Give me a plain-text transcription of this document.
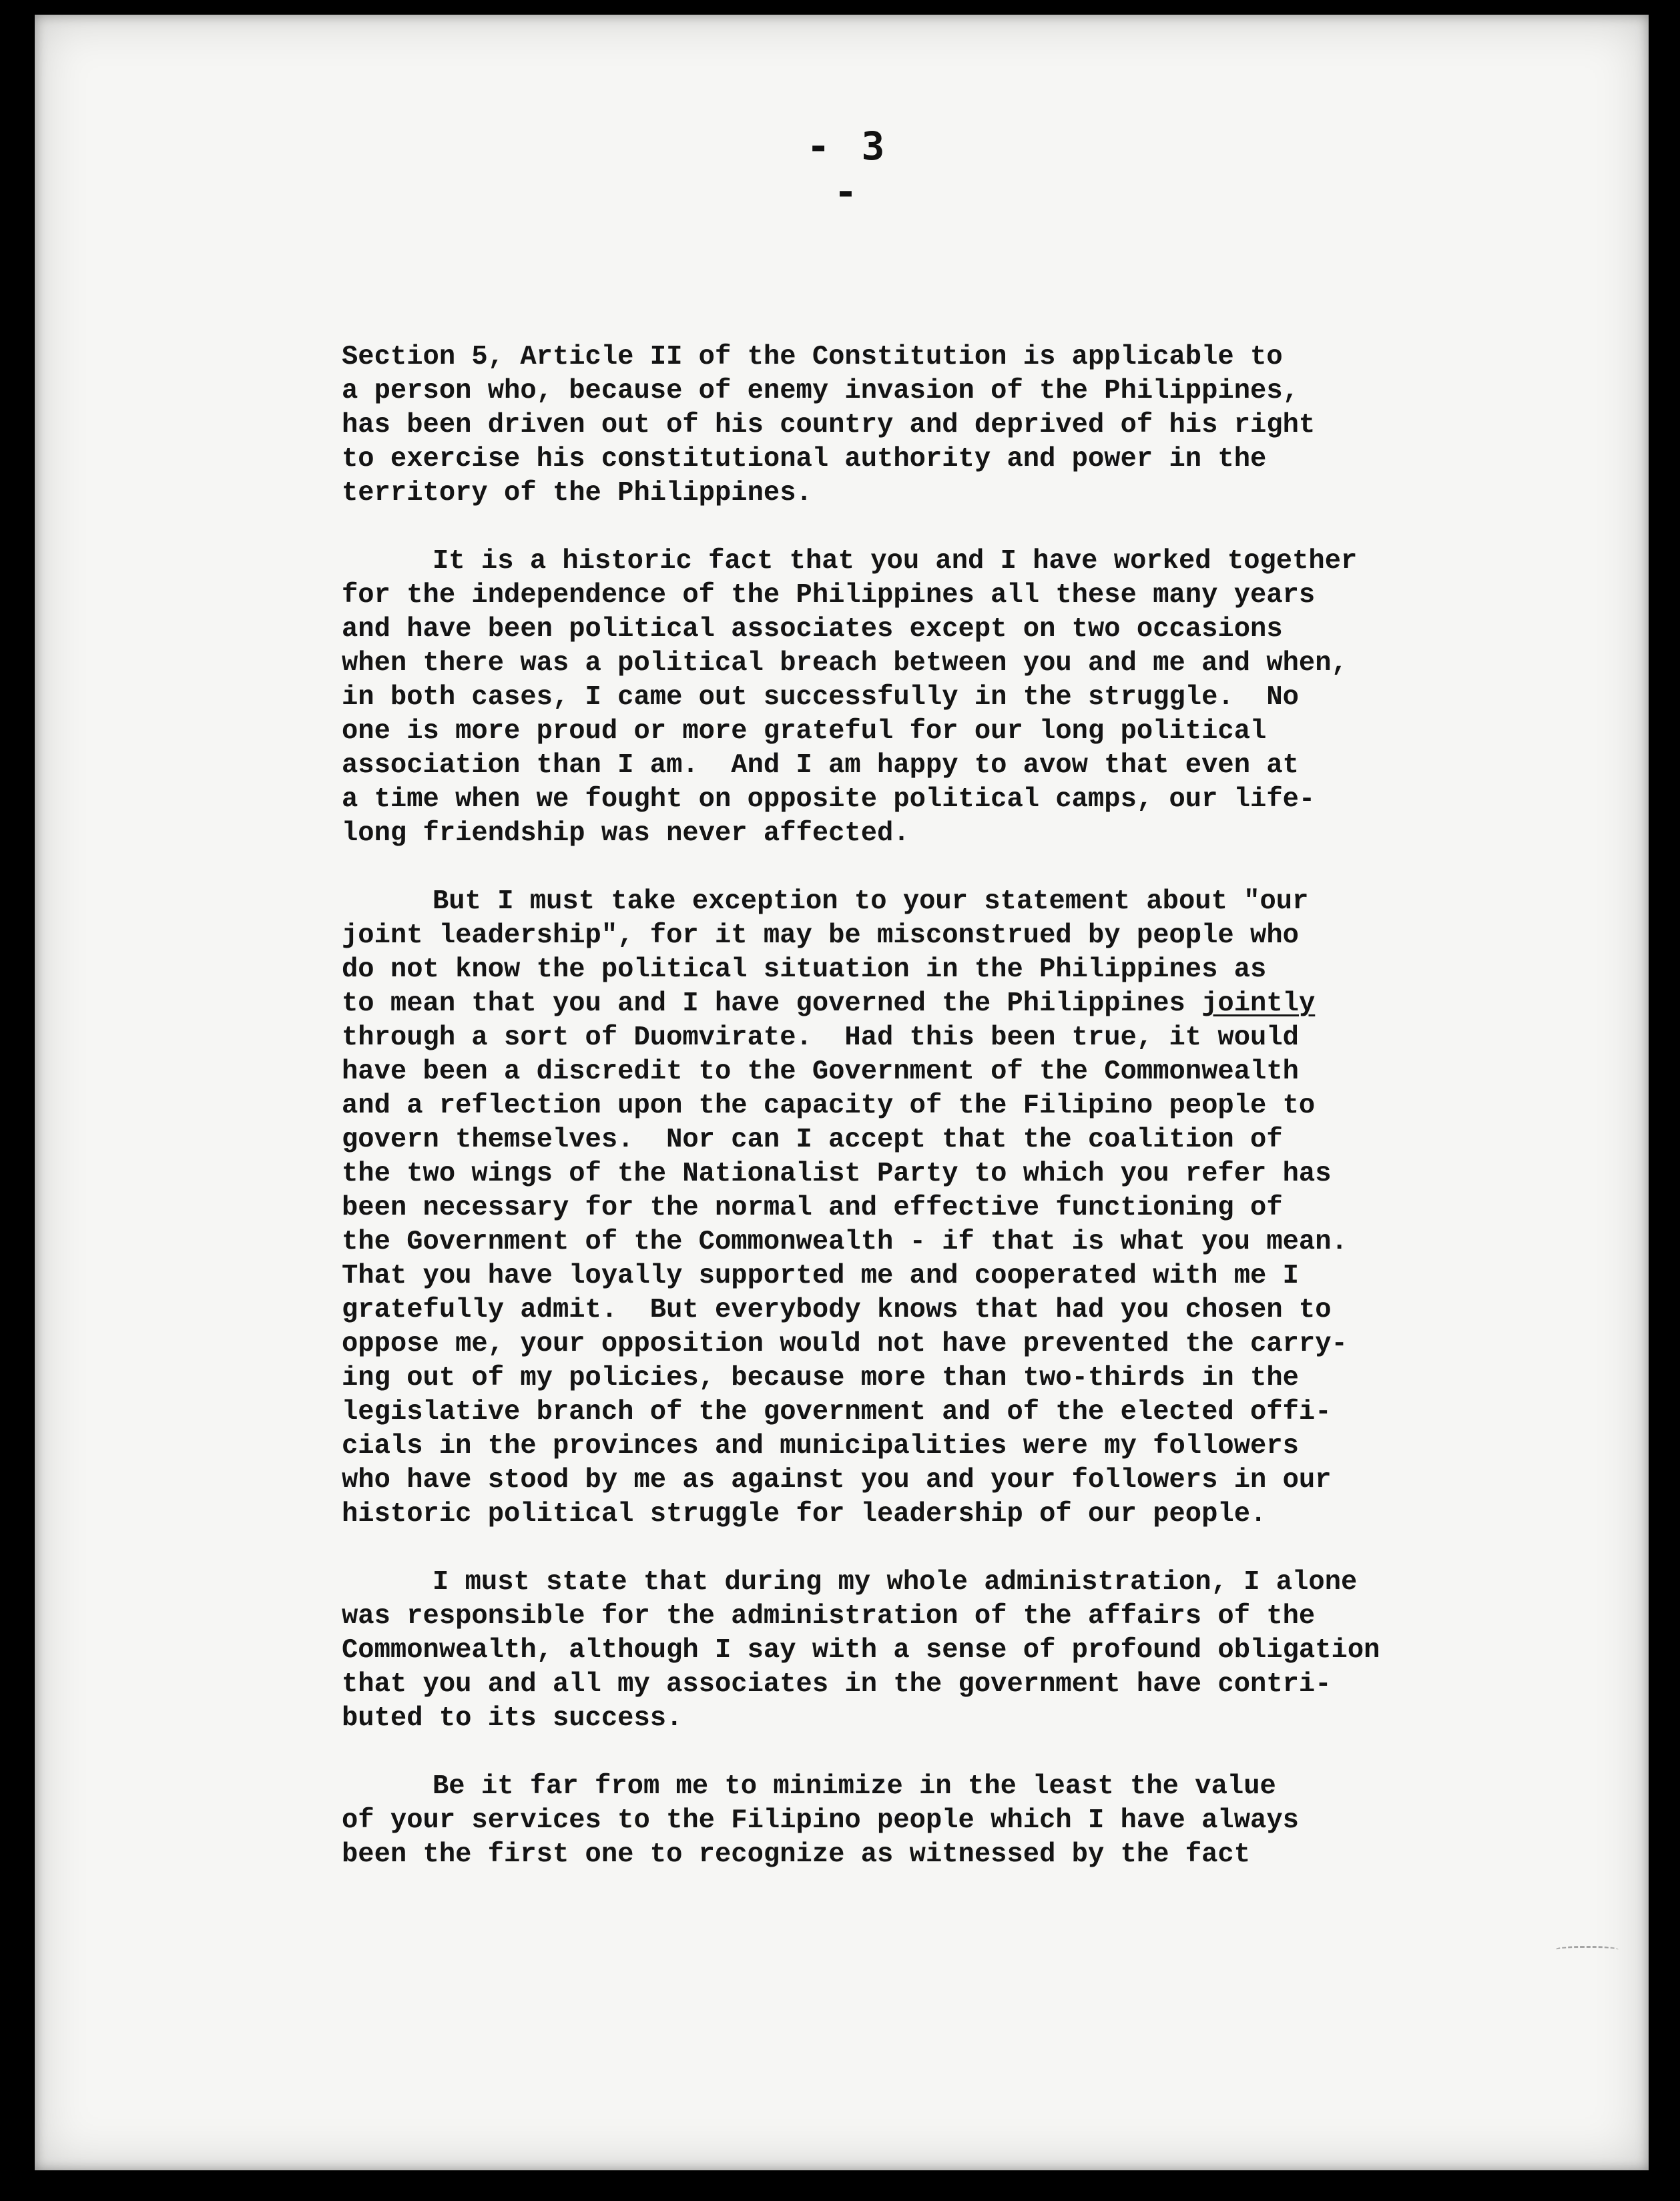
- 3 -
Section 5, Article II of the Constitution is applicable to
a person who, because of enemy invasion of the Philippines,
has been driven out of his country and deprived of his right
to exercise his constitutional authority and power in the
territory of the Philippines.
It is a historic fact that you and I have worked together
for the independence of the Philippines all these many years
and have been political associates except on two occasions
when there was a political breach between you and me and when,
in both cases, I came out successfully in the struggle.  No
one is more proud or more grateful for our long political
association than I am.  And I am happy to avow that even at
a time when we fought on opposite political camps, our life-
long friendship was never affected.
But I must take exception to your statement about "our
joint leadership", for it may be misconstrued by people who
do not know the political situation in the Philippines as
to mean that you and I have governed the Philippines jointly
through a sort of Duomvirate.  Had this been true, it would
have been a discredit to the Government of the Commonwealth
and a reflection upon the capacity of the Filipino people to
govern themselves.  Nor can I accept that the coalition of
the two wings of the Nationalist Party to which you refer has
been necessary for the normal and effective functioning of
the Government of the Commonwealth - if that is what you mean.
That you have loyally supported me and cooperated with me I
gratefully admit.  But everybody knows that had you chosen to
oppose me, your opposition would not have prevented the carry-
ing out of my policies, because more than two-thirds in the
legislative branch of the government and of the elected offi-
cials in the provinces and municipalities were my followers
who have stood by me as against you and your followers in our
historic political struggle for leadership of our people.
I must state that during my whole administration, I alone
was responsible for the administration of the affairs of the
Commonwealth, although I say with a sense of profound obligation
that you and all my associates in the government have contri-
buted to its success.
Be it far from me to minimize in the least the value
of your services to the Filipino people which I have always
been the first one to recognize as witnessed by the fact
